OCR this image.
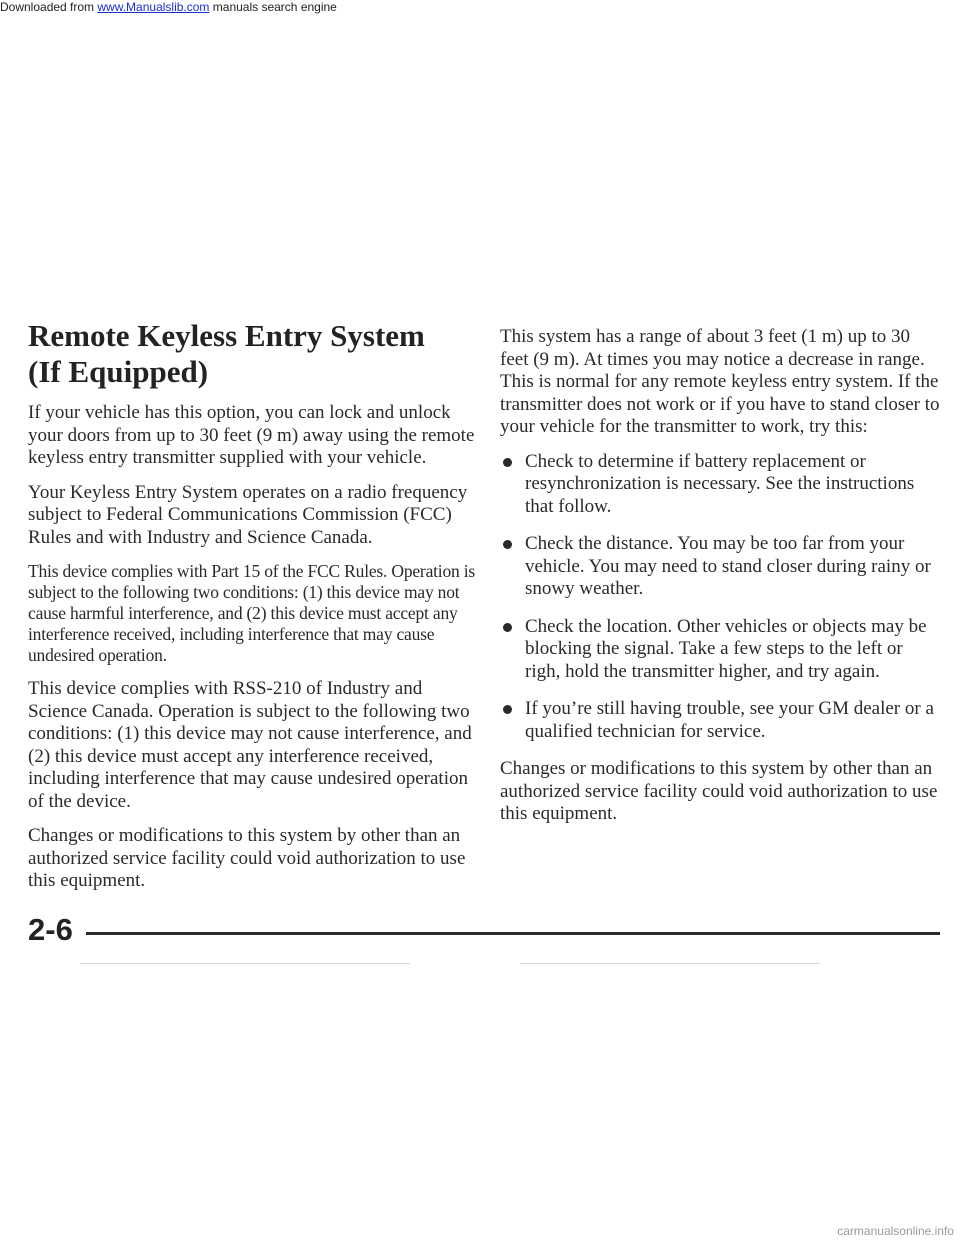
Downloaded from www.Manualslib.com manuals search engine
Remote Keyless Entry System
(If Equipped)

If your vehicle has this option, you can lock and unlock your doors from up to 30 feet (9 m) away using the remote keyless entry transmitter supplied with your vehicle.

Your Keyless Entry System operates on a radio frequency subject to Federal Communications Commission (FCC) Rules and with Industry and Science Canada.

This device complies with Part 15 of the FCC Rules. Operation is subject to the following two conditions: (1) this device may not cause harmful interference, and (2) this device must accept any interference received, including interference that may cause undesired operation.

This device complies with RSS-210 of Industry and Science Canada. Operation is subject to the following two conditions: (1) this device may not cause interference, and (2) this device must accept any interference received, including interference that may cause undesired operation of the device.

Changes or modifications to this system by other than an authorized service facility could void authorization to use this equipment.

This system has a range of about 3 feet (1 m) up to 30 feet (9 m). At times you may notice a decrease in range. This is normal for any remote keyless entry system. If the transmitter does not work or if you have to stand closer to your vehicle for the transmitter to work, try this:

Check to determine if battery replacement or resynchronization is necessary. See the instructions that follow.
Check the distance. You may be too far from your vehicle. You may need to stand closer during rainy or snowy weather.
Check the location. Other vehicles or objects may be blocking the signal. Take a few steps to the left or righ, hold the transmitter higher, and try again.
If you’re still having trouble, see your GM dealer or a qualified technician for service.

Changes or modifications to this system by other than an authorized service facility could void authorization to use this equipment.

2-6
carmanualsonline.info
